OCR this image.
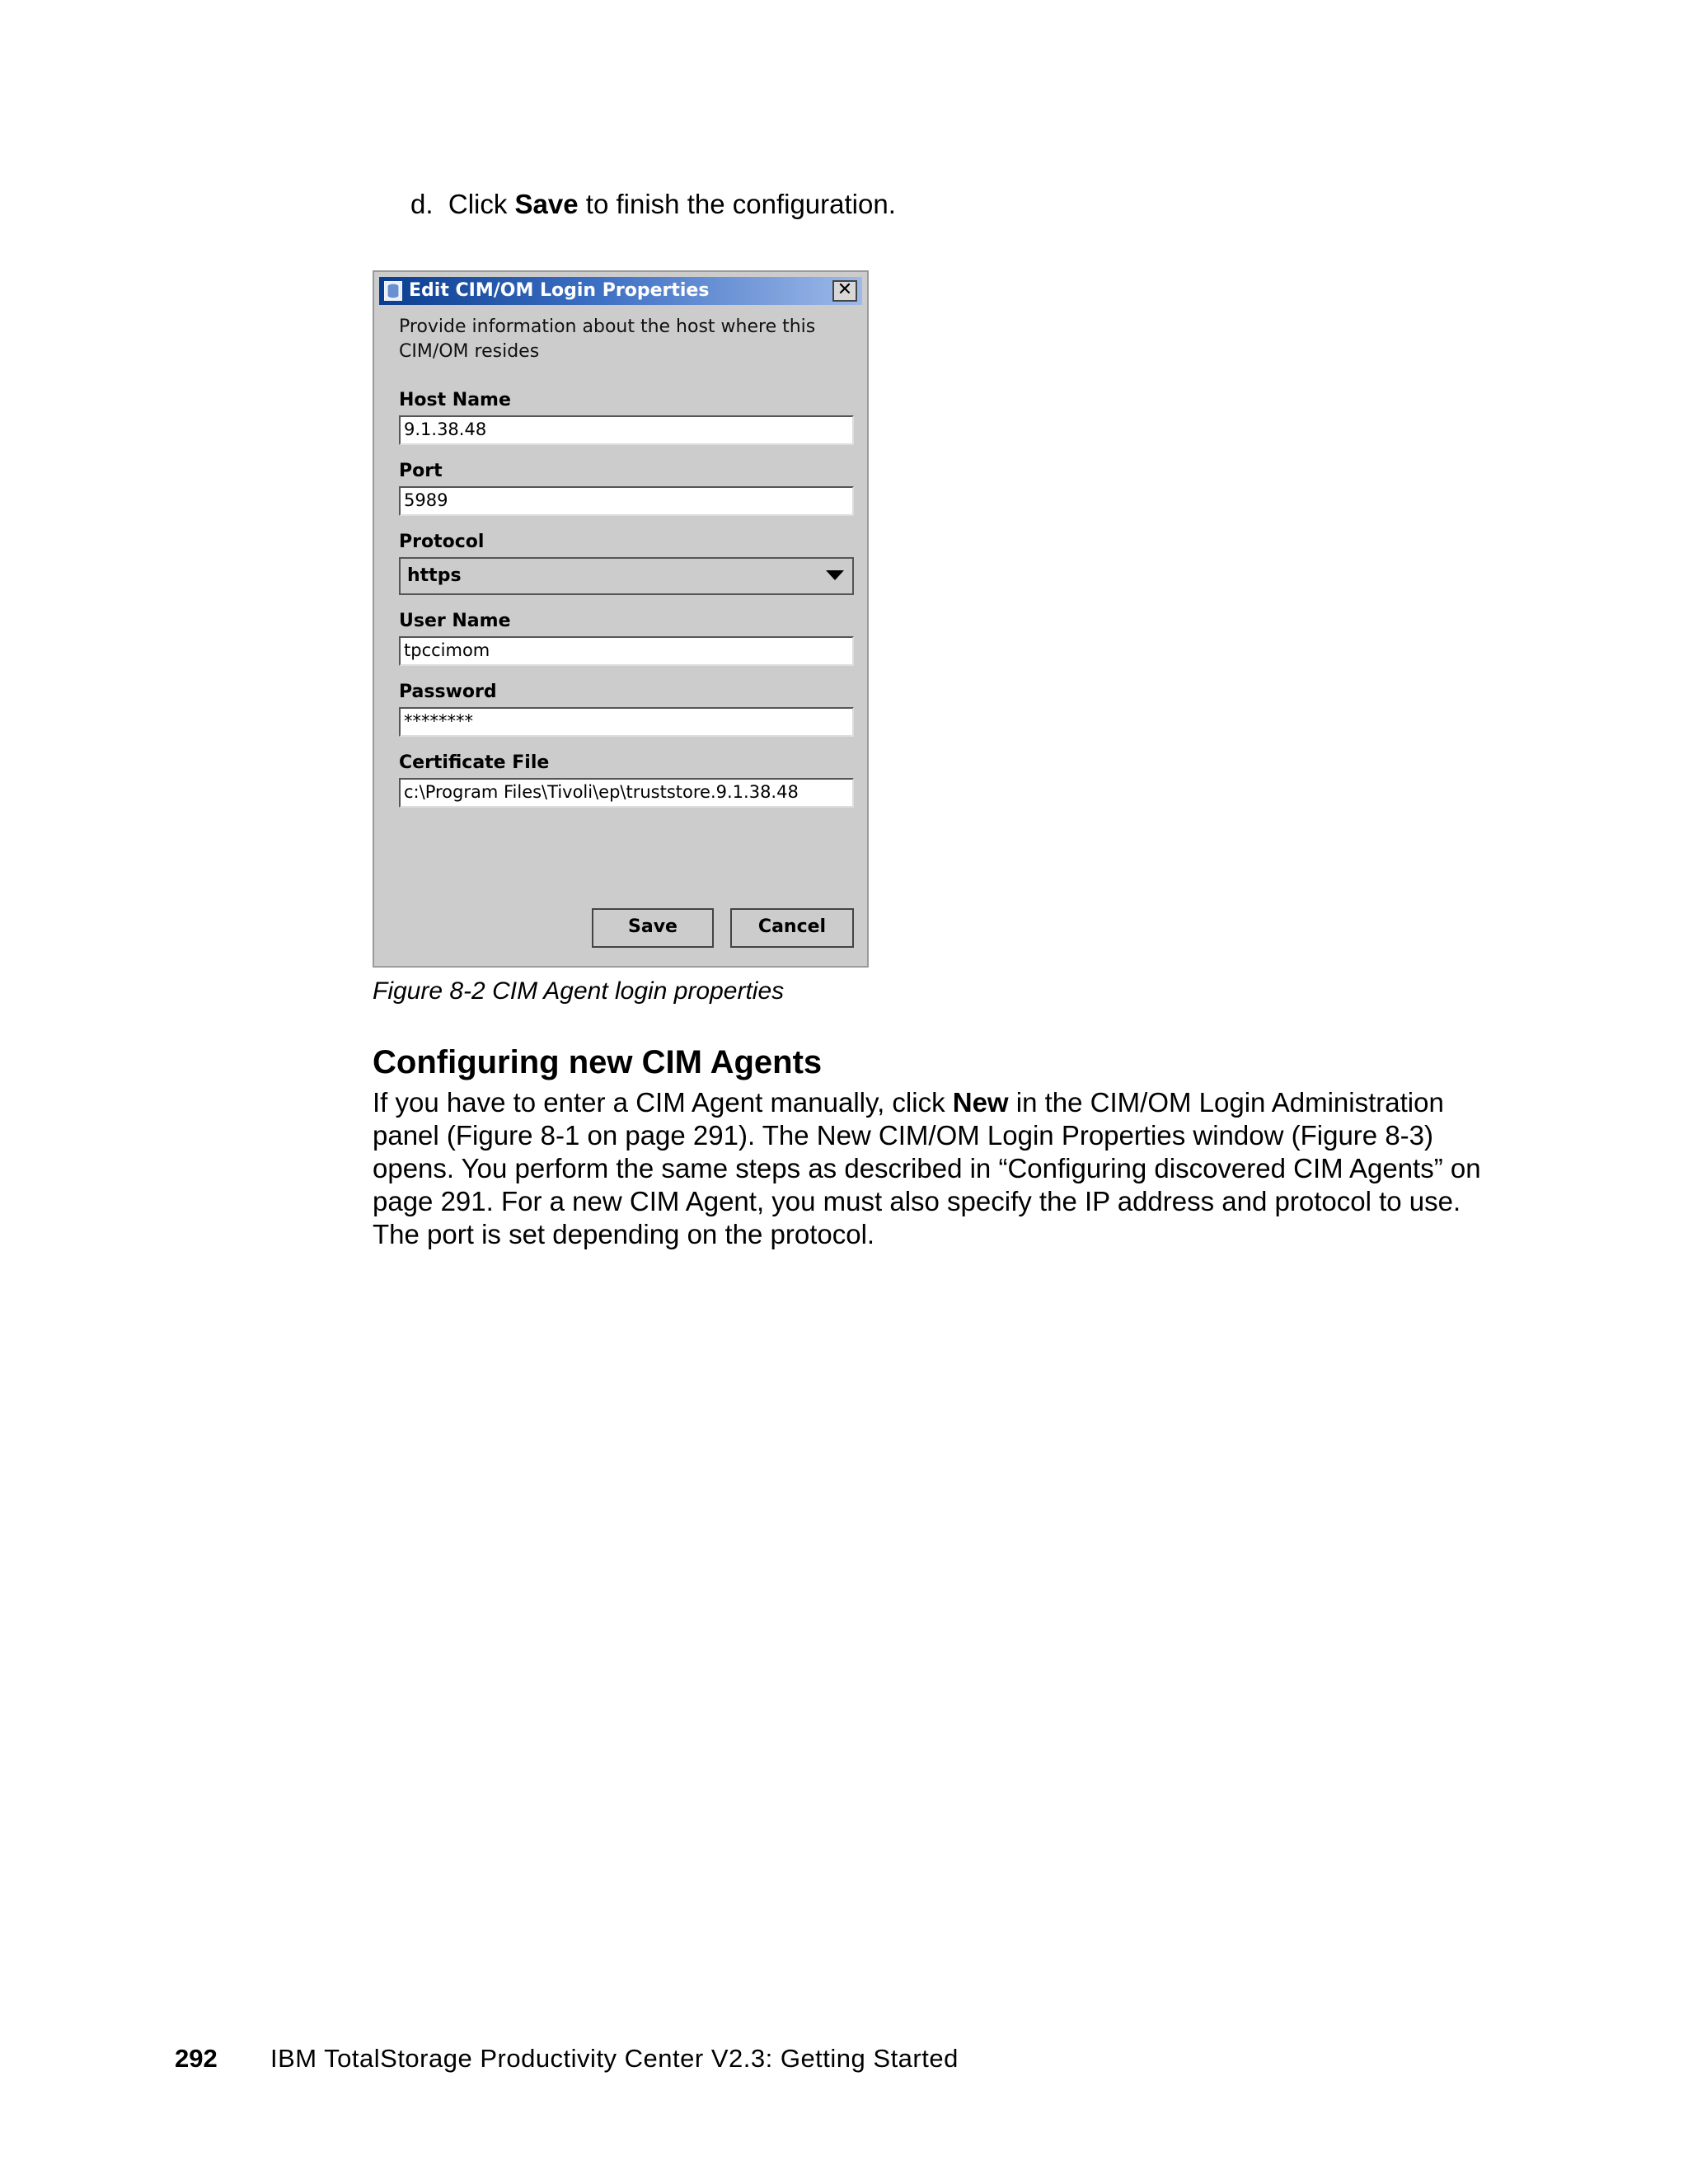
d. Click Save to finish the configuration.
Edit CIM/OM Login Properties	✕
Provide information about the host where this
CIM/OM resides
Host Name
9.1.38.48
Port
5989
Protocol
https
User Name
tpccimom
Password
********
Certificate File
c:\Program Files\Tivoli\ep\truststore.9.1.38.48
Save	Cancel
Figure 8-2 CIM Agent login properties
Configuring new CIM Agents
If you have to enter a CIM Agent manually, click New in the CIM/OM Login Administration
panel (Figure 8-1 on page 291). The New CIM/OM Login Properties window (Figure 8-3)
opens. You perform the same steps as described in “Configuring discovered CIM Agents” on
page 291. For a new CIM Agent, you must also specify the IP address and protocol to use.
The port is set depending on the protocol.
292 IBM TotalStorage Productivity Center V2.3: Getting Started
